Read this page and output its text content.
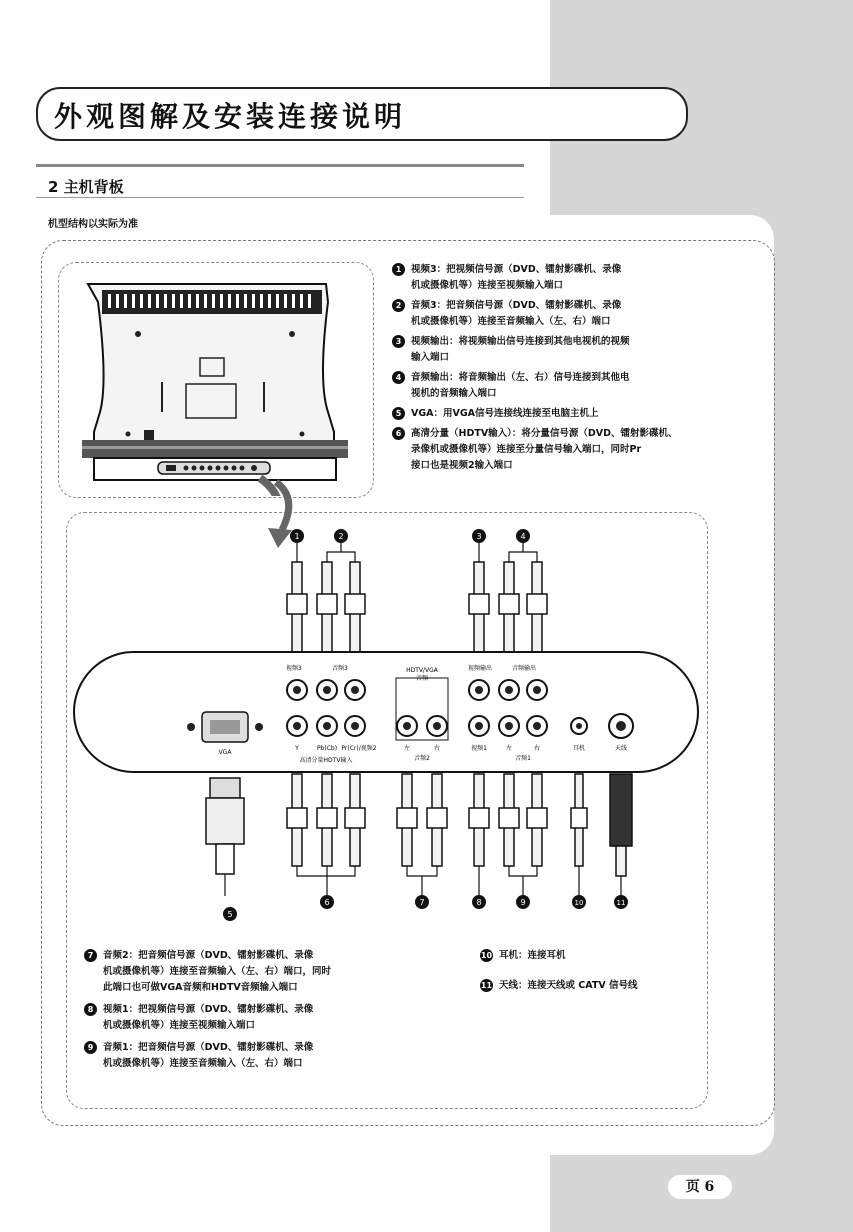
外观图解及安装连接说明
2 主机背板
机型结构以实际为准
1	2	3	4
VGA
视频3	音频3	HDTV/VGA
音频
视频输出	音频输出
Y	Pb(Cb) Pr(Cr)/视频2
高清分量HDTV输入
左	右
音频2
视频1	左	右
音频1
耳机	天线
5
6	7	8	9	10	11
1 视频3：把视频信号源（DVD、镭射影碟机、录像
机或摄像机等）连接至视频输入端口
2 音频3：把音频信号源（DVD、镭射影碟机、录像
机或摄像机等）连接至音频输入（左、右）端口
3 视频输出：将视频输出信号连接到其他电视机的视频
输入端口
4 音频输出：将音频输出（左、右）信号连接到其他电
视机的音频输入端口
5 VGA：用VGA信号连接线连接至电脑主机上
6 高清分量（HDTV输入）：将分量信号源（DVD、镭射影碟机、
录像机或摄像机等）连接至分量信号输入端口，同时Pr
接口也是视频2输入端口
7 音频2：把音频信号源（DVD、镭射影碟机、录像
机或摄像机等）连接至音频输入（左、右）端口，同时
此端口也可做VGA音频和HDTV音频输入端口
8 视频1：把视频信号源（DVD、镭射影碟机、录像
机或摄像机等）连接至视频输入端口
9 音频1：把音频信号源（DVD、镭射影碟机、录像
机或摄像机等）连接至音频输入（左、右）端口
10 耳机：连接耳机
11 天线：连接天线或 CATV 信号线
页 6
